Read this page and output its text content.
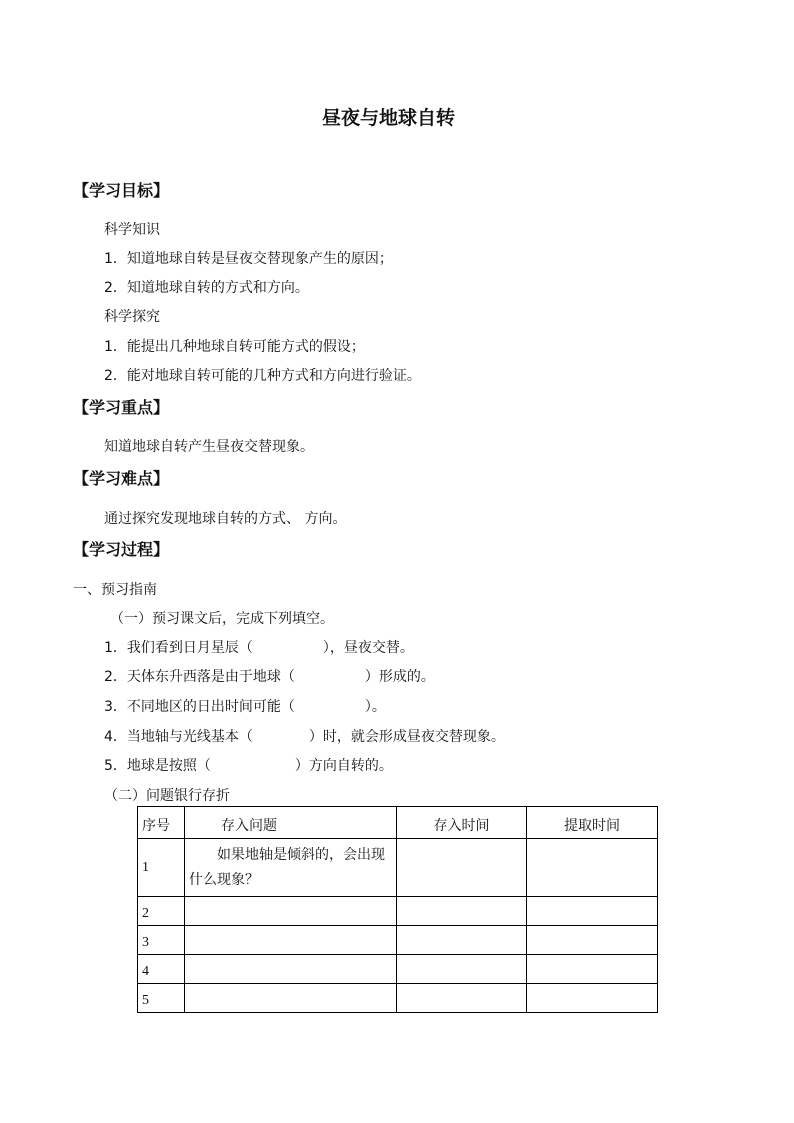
昼夜与地球自转
【学习目标】
科学知识
1．知道地球自转是昼夜交替现象产生的原因；
2．知道地球自转的方式和方向。
科学探究
1．能提出几种地球自转可能方式的假设；
2．能对地球自转可能的几种方式和方向进行验证。
【学习重点】
知道地球自转产生昼夜交替现象。
【学习难点】
通过探究发现地球自转的方式、 方向。
【学习过程】
一、预习指南
（一）预习课文后，完成下列填空。
1．我们看到日月星辰（　　　　　），昼夜交替。
2．天体东升西落是由于地球（　　　　　）形成的。
3．不同地区的日出时间可能（　　　　　）。
4．当地轴与光线基本（　　　　）时，就会形成昼夜交替现象。
5．地球是按照（　　　　　　）方向自转的。
（二）问题银行存折
序号	存入问题	存入时间	提取时间
1	　　如果地轴是倾斜的，会出现什么现象？		
2			
3			
4			
5			
